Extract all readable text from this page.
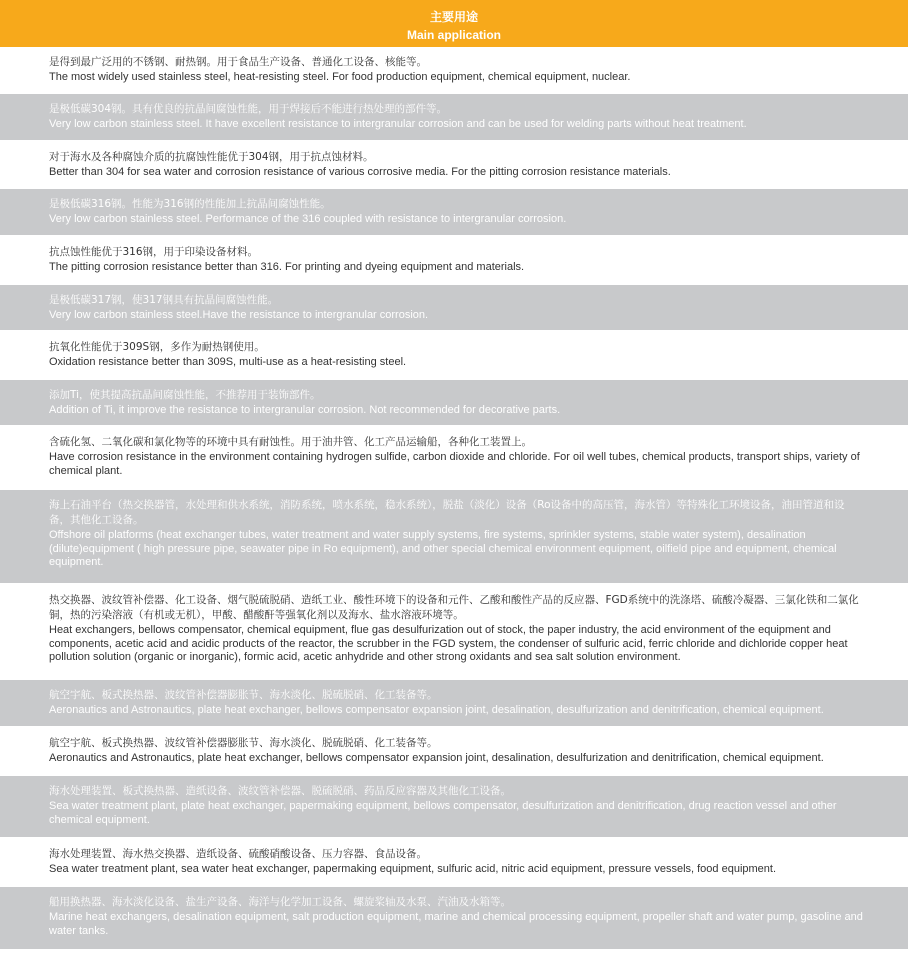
主要用途
Main application
是得到最广泛用的不锈钢、耐热钢。用于食品生产设备、普通化工设备、核能等。
The most widely used stainless steel, heat-resisting steel. For food production equipment, chemical equipment, nuclear.
是极低碳304钢。具有优良的抗晶间腐蚀性能，用于焊接后不能进行热处理的部件等。
Very low carbon stainless steel. It have excellent resistance to intergranular corrosion and can be used for welding parts without heat treatment.
对于海水及各种腐蚀介质的抗腐蚀性能优于304钢，用于抗点蚀材料。
Better than 304 for sea water and corrosion resistance of various corrosive media. For the pitting corrosion resistance materials.
是极低碳316钢。性能为316钢的性能加上抗晶间腐蚀性能。
Very low carbon stainless steel. Performance of the 316 coupled with resistance to intergranular corrosion.
抗点蚀性能优于316钢，用于印染设备材料。
The pitting corrosion resistance better than 316. For printing and dyeing equipment and materials.
是极低碳317钢，使317钢具有抗晶间腐蚀性能。
Very low carbon stainless steel.Have the resistance to intergranular corrosion.
抗氧化性能优于309S钢，多作为耐热钢使用。
Oxidation resistance better than 309S, multi-use as a heat-resisting steel.
添加Ti，使其提高抗晶间腐蚀性能，不推荐用于装饰部件。
Addition of Ti, it improve the resistance to intergranular corrosion. Not recommended for decorative parts.
含硫化氢、二氧化碳和氯化物等的环境中具有耐蚀性。用于油井管、化工产品运输船，各种化工装置上。
Have corrosion resistance in the environment containing hydrogen sulfide, carbon dioxide and chloride. For oil well tubes, chemical products, transport ships, variety of chemical plant.
海上石油平台（热交换器管，水处理和供水系统，消防系统，喷水系统，稳水系统），脱盐（淡化）设备（Ro设备中的高压管，海水管）等特殊化工环境设备，油田管道和设备，其他化工设备。
Offshore oil platforms (heat exchanger tubes, water treatment and water supply systems, fire systems, sprinkler systems, stable water system), desalination (dilute)equipment ( high pressure pipe, seawater pipe in Ro equipment), and other special chemical environment equipment, oilfield pipe and equipment, chemical equipment.
热交换器、波纹管补偿器、化工设备、烟气脱硫脱硝、造纸工业、酸性环境下的设备和元件、乙酸和酸性产品的反应器、FGD系统中的洗涤塔、硫酸冷凝器、三氯化铁和二氯化铜，热的污染溶液（有机或无机），甲酸、醋酸酐等强氧化剂以及海水、盐水溶液环境等。
Heat exchangers, bellows compensator, chemical equipment, flue gas desulfurization out of stock, the paper industry, the acid environment of the equipment and components, acetic acid and acidic products of the reactor, the scrubber in the FGD system, the condenser of sulfuric acid, ferric chloride and dichloride copper heat pollution solution (organic or inorganic), formic acid, acetic anhydride and other strong oxidants and sea salt solution environment.
航空宇航、板式换热器、波纹管补偿器膨胀节、海水淡化、脱硫脱硝、化工装备等。
Aeronautics and Astronautics, plate heat exchanger, bellows compensator expansion joint, desalination, desulfurization and denitrification, chemical equipment.
航空宇航、板式换热器、波纹管补偿器膨胀节、海水淡化、脱硫脱硝、化工装备等。
Aeronautics and Astronautics, plate heat exchanger, bellows compensator expansion joint, desalination, desulfurization and denitrification, chemical equipment.
海水处理装置、板式换热器、造纸设备、波纹管补偿器、脱硫脱硝、药品反应容器及其他化工设备。
Sea water treatment plant, plate heat exchanger, papermaking equipment, bellows compensator, desulfurization and denitrification, drug reaction vessel and other chemical equipment.
海水处理装置、海水热交换器、造纸设备、硫酸硝酸设备、压力容器、食品设备。
Sea water treatment plant, sea water heat exchanger, papermaking equipment, sulfuric acid, nitric acid equipment, pressure vessels, food equipment.
船用换热器、海水淡化设备、盐生产设备、海洋与化学加工设备、螺旋桨轴及水泵、汽油及水箱等。
Marine heat exchangers, desalination equipment, salt production equipment, marine and chemical processing equipment, propeller shaft and water pump, gasoline and water tanks.
